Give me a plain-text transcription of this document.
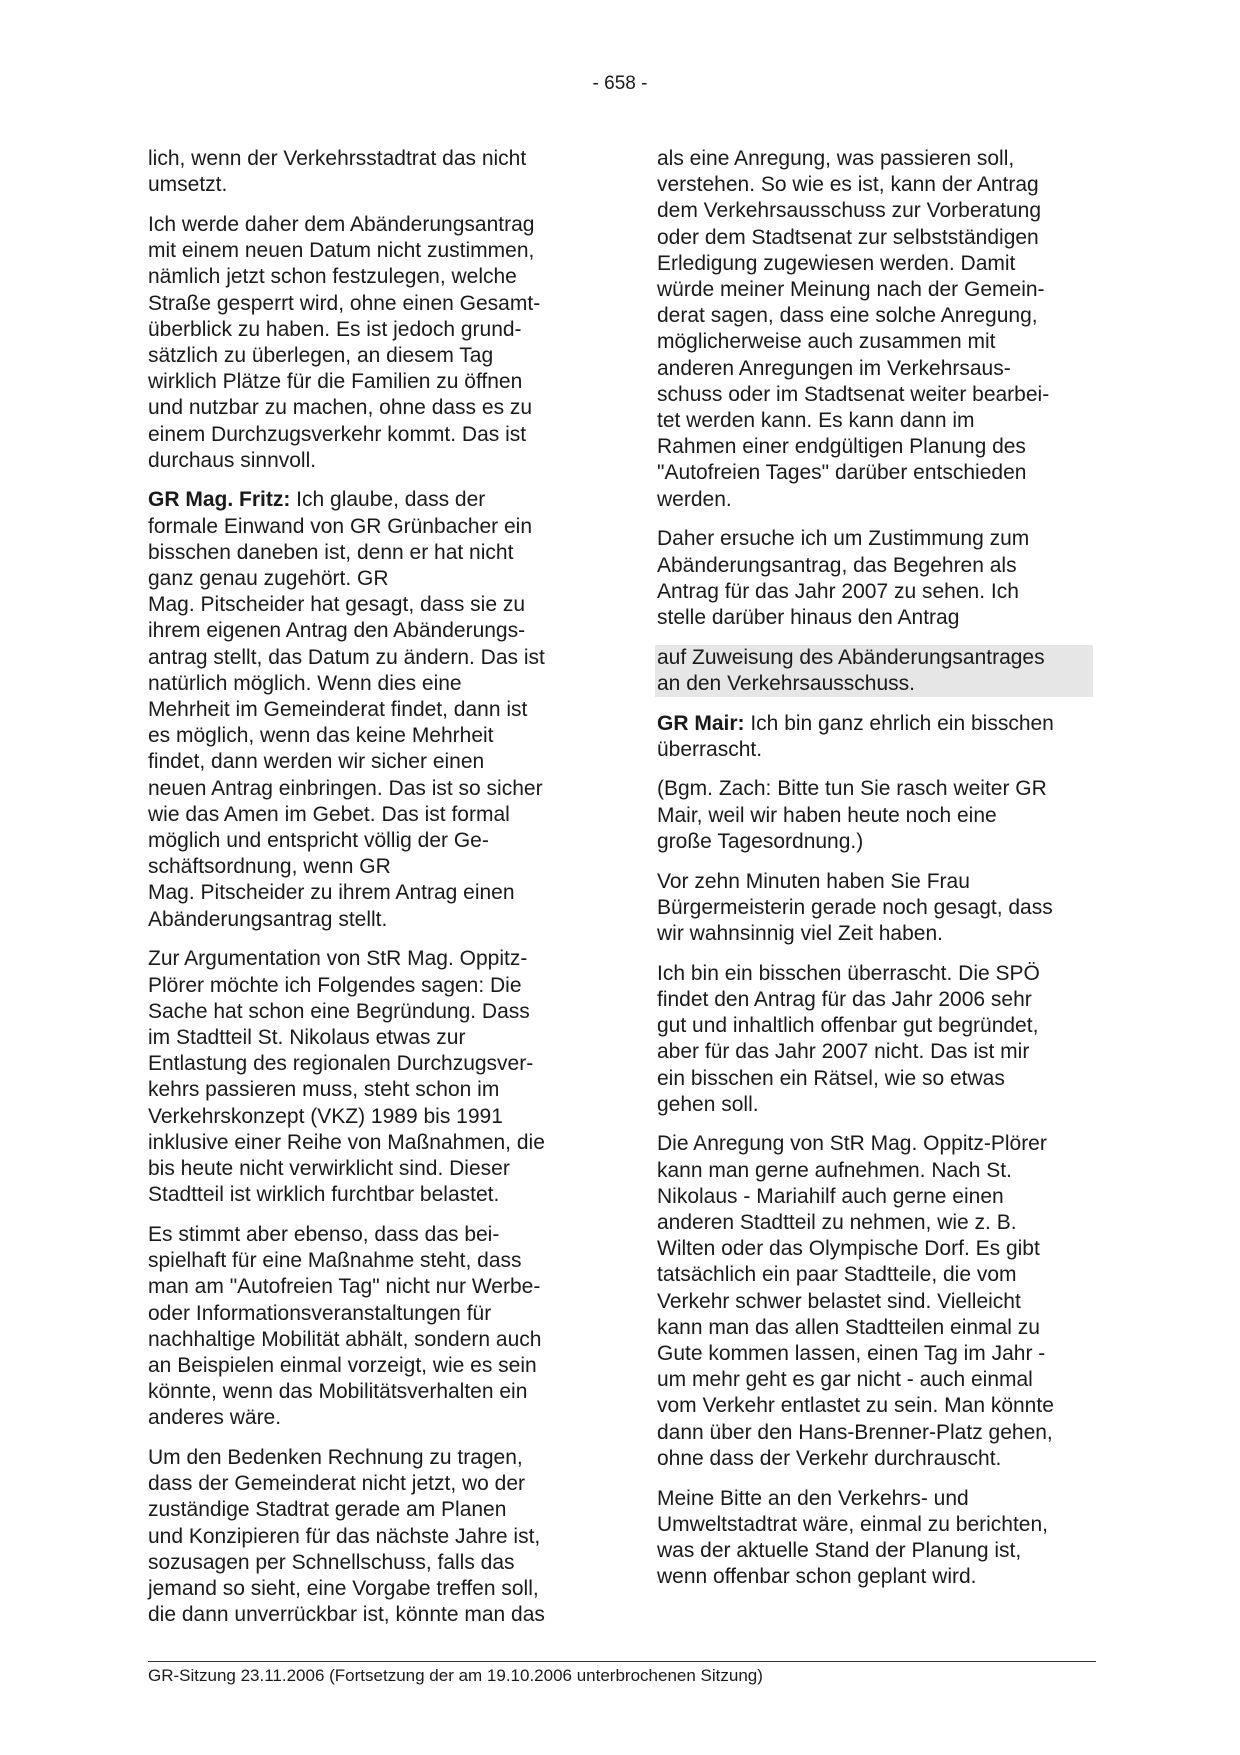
- 658 -

lich, wenn der Verkehrsstadtrat das nicht
umsetzt.

Ich werde daher dem Abänderungsantrag
mit einem neuen Datum nicht zustimmen,
nämlich jetzt schon festzulegen, welche
Straße gesperrt wird, ohne einen Gesamt-
überblick zu haben. Es ist jedoch grund-
sätzlich zu überlegen, an diesem Tag
wirklich Plätze für die Familien zu öffnen
und nutzbar zu machen, ohne dass es zu
einem Durchzugsverkehr kommt. Das ist
durchaus sinnvoll.

GR Mag. Fritz: Ich glaube, dass der
formale Einwand von GR Grünbacher ein
bisschen daneben ist, denn er hat nicht
ganz genau zugehört. GR
Mag. Pitscheider hat gesagt, dass sie zu
ihrem eigenen Antrag den Abänderungs-
antrag stellt, das Datum zu ändern. Das ist
natürlich möglich. Wenn dies eine
Mehrheit im Gemeinderat findet, dann ist
es möglich, wenn das keine Mehrheit
findet, dann werden wir sicher einen
neuen Antrag einbringen. Das ist so sicher
wie das Amen im Gebet. Das ist formal
möglich und entspricht völlig der Ge-
schäftsordnung, wenn GR
Mag. Pitscheider zu ihrem Antrag einen
Abänderungsantrag stellt.

Zur Argumentation von StR Mag. Oppitz-
Plörer möchte ich Folgendes sagen: Die
Sache hat schon eine Begründung. Dass
im Stadtteil St. Nikolaus etwas zur
Entlastung des regionalen Durchzugsver-
kehrs passieren muss, steht schon im
Verkehrskonzept (VKZ) 1989 bis 1991
inklusive einer Reihe von Maßnahmen, die
bis heute nicht verwirklicht sind. Dieser
Stadtteil ist wirklich furchtbar belastet.

Es stimmt aber ebenso, dass das bei-
spielhaft für eine Maßnahme steht, dass
man am "Autofreien Tag" nicht nur Werbe-
oder Informationsveranstaltungen für
nachhaltige Mobilität abhält, sondern auch
an Beispielen einmal vorzeigt, wie es sein
könnte, wenn das Mobilitätsverhalten ein
anderes wäre.

Um den Bedenken Rechnung zu tragen,
dass der Gemeinderat nicht jetzt, wo der
zuständige Stadtrat gerade am Planen
und Konzipieren für das nächste Jahre ist,
sozusagen per Schnellschuss, falls das
jemand so sieht, eine Vorgabe treffen soll,
die dann unverrückbar ist, könnte man das

als eine Anregung, was passieren soll,
verstehen. So wie es ist, kann der Antrag
dem Verkehrsausschuss zur Vorberatung
oder dem Stadtsenat zur selbstständigen
Erledigung zugewiesen werden. Damit
würde meiner Meinung nach der Gemein-
derat sagen, dass eine solche Anregung,
möglicherweise auch zusammen mit
anderen Anregungen im Verkehrsaus-
schuss oder im Stadtsenat weiter bearbei-
tet werden kann. Es kann dann im
Rahmen einer endgültigen Planung des
"Autofreien Tages" darüber entschieden
werden.

Daher ersuche ich um Zustimmung zum
Abänderungsantrag, das Begehren als
Antrag für das Jahr 2007 zu sehen. Ich
stelle darüber hinaus den Antrag

auf Zuweisung des Abänderungsantrages
an den Verkehrsausschuss.

GR Mair: Ich bin ganz ehrlich ein bisschen
überrascht.

(Bgm. Zach: Bitte tun Sie rasch weiter GR
Mair, weil wir haben heute noch eine
große Tagesordnung.)

Vor zehn Minuten haben Sie Frau
Bürgermeisterin gerade noch gesagt, dass
wir wahnsinnig viel Zeit haben.

Ich bin ein bisschen überrascht. Die SPÖ
findet den Antrag für das Jahr 2006 sehr
gut und inhaltlich offenbar gut begründet,
aber für das Jahr 2007 nicht. Das ist mir
ein bisschen ein Rätsel, wie so etwas
gehen soll.

Die Anregung von StR Mag. Oppitz-Plörer
kann man gerne aufnehmen. Nach St.
Nikolaus - Mariahilf auch gerne einen
anderen Stadtteil zu nehmen, wie z. B.
Wilten oder das Olympische Dorf. Es gibt
tatsächlich ein paar Stadtteile, die vom
Verkehr schwer belastet sind. Vielleicht
kann man das allen Stadtteilen einmal zu
Gute kommen lassen, einen Tag im Jahr -
um mehr geht es gar nicht - auch einmal
vom Verkehr entlastet zu sein. Man könnte
dann über den Hans-Brenner-Platz gehen,
ohne dass der Verkehr durchrauscht.

Meine Bitte an den Verkehrs- und
Umweltstadtrat wäre, einmal zu berichten,
was der aktuelle Stand der Planung ist,
wenn offenbar schon geplant wird.

GR-Sitzung 23.11.2006 (Fortsetzung der am 19.10.2006 unterbrochenen Sitzung)
